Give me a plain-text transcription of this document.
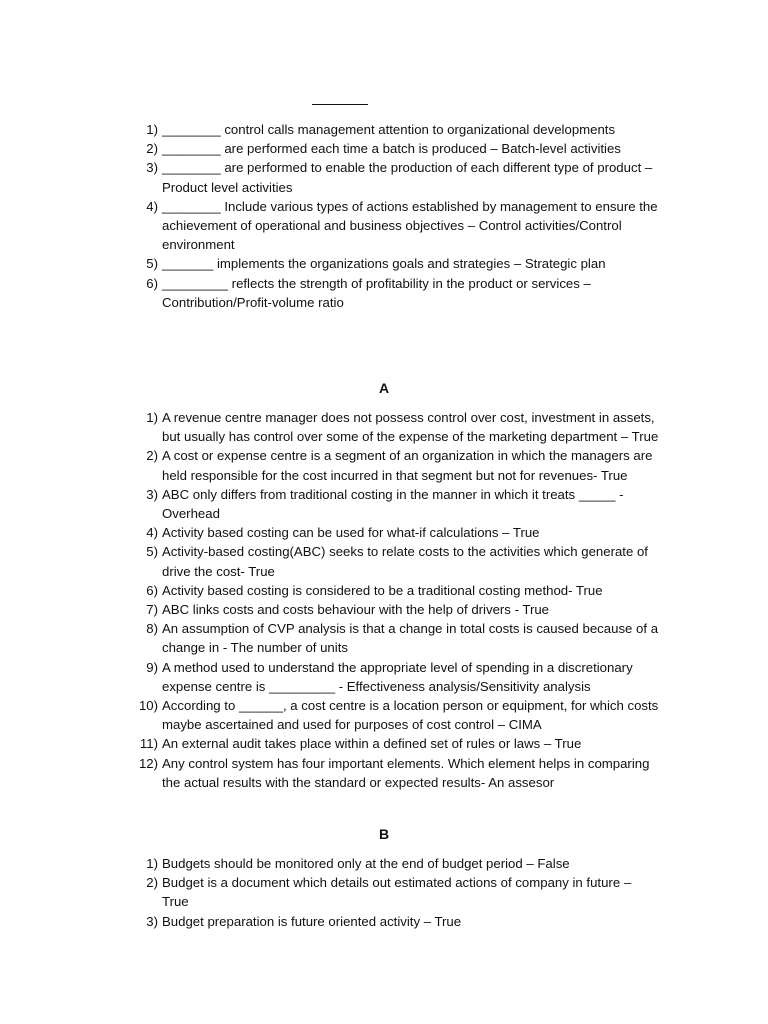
1) ________ control calls management attention to organizational developments
2) ________ are performed each time a batch is produced – Batch-level activities
3) ________ are performed to enable the production of each different type of product – Product level activities
4) ________ Include various types of actions established by management to ensure the achievement of operational and business objectives – Control activities/Control environment
5) _______ implements the organizations goals and strategies – Strategic plan
6) _________ reflects the strength of profitability in the product or services – Contribution/Profit-volume ratio
A
1) A revenue centre manager does not possess control over cost, investment in assets, but usually has control over some of the expense of the marketing department – True
2) A cost or expense centre is a segment of an organization in which the managers are held responsible for the cost incurred in that segment but not for revenues- True
3) ABC only differs from traditional costing in the manner in which it treats _____ - Overhead
4) Activity based costing can be used for what-if calculations – True
5) Activity-based costing(ABC) seeks to relate costs to the activities which generate of drive the cost- True
6) Activity based costing is considered to be a traditional costing method- True
7) ABC links costs and costs behaviour with the help of drivers - True
8) An assumption of CVP analysis is that a change in total costs is caused because of a change in - The number of units
9) A method used to understand the appropriate level of spending in a discretionary expense centre is _________ - Effectiveness analysis/Sensitivity analysis
10) According to ______, a cost centre is a location person or equipment, for which costs maybe ascertained and used for purposes of cost control – CIMA
11) An external audit takes place within a defined set of rules or laws – True
12) Any control system has four important elements. Which element helps in comparing the actual results with the standard or expected results- An assesor
B
1) Budgets should be monitored only at the end of budget period – False
2) Budget is a document which details out estimated actions of company in future – True
3) Budget preparation is future oriented activity – True
